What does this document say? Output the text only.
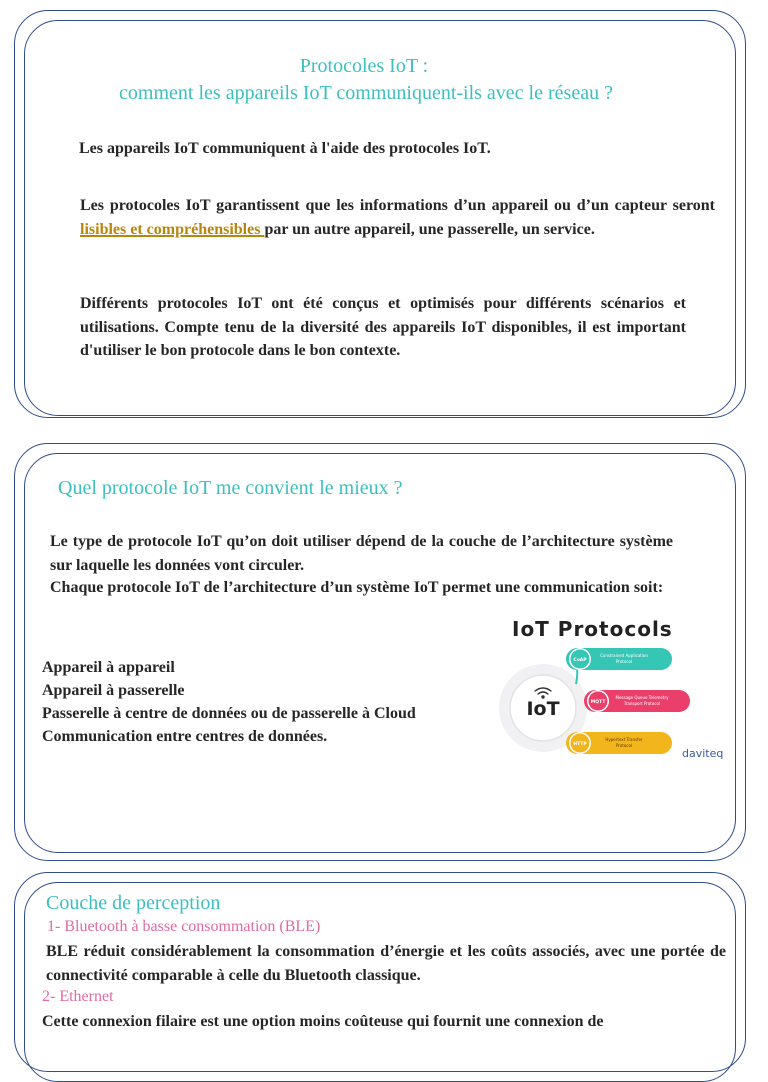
Protocoles IoT :
comment les appareils IoT communiquent-ils avec le réseau ?
Les appareils IoT communiquent à l'aide des protocoles IoT.
Les protocoles IoT garantissent que les informations d’un appareil ou d’un capteur seront lisibles et compréhensibles par un autre appareil, une passerelle, un service.
Différents protocoles IoT ont été conçus et optimisés pour différents scénarios et utilisations. Compte tenu de la diversité des appareils IoT disponibles, il est important d'utiliser le bon protocole dans le bon contexte.
Quel protocole IoT me convient le mieux ?
Le type de protocole IoT qu’on doit utiliser dépend de la couche de l’architecture système sur laquelle les données vont circuler.
Chaque protocole IoT de l’architecture d’un système IoT permet une communication soit:
Appareil à appareil
Appareil à passerelle
Passerelle à centre de données ou de passerelle à Cloud
Communication entre centres de données.
IoT Protocols
IoT
CoAP
Constrained Application
Protocol
MQTT
Message Queue Telemetry
Transport Protocol
HTTP
Hypertext Transfer
Protocol
daviteq
Couche de perception
1- Bluetooth à basse consommation (BLE)
BLE réduit considérablement la consommation d’énergie et les coûts associés, avec une portée de connectivité comparable à celle du Bluetooth classique.
2- Ethernet
Cette connexion filaire est une option moins coûteuse qui fournit une connexion de
